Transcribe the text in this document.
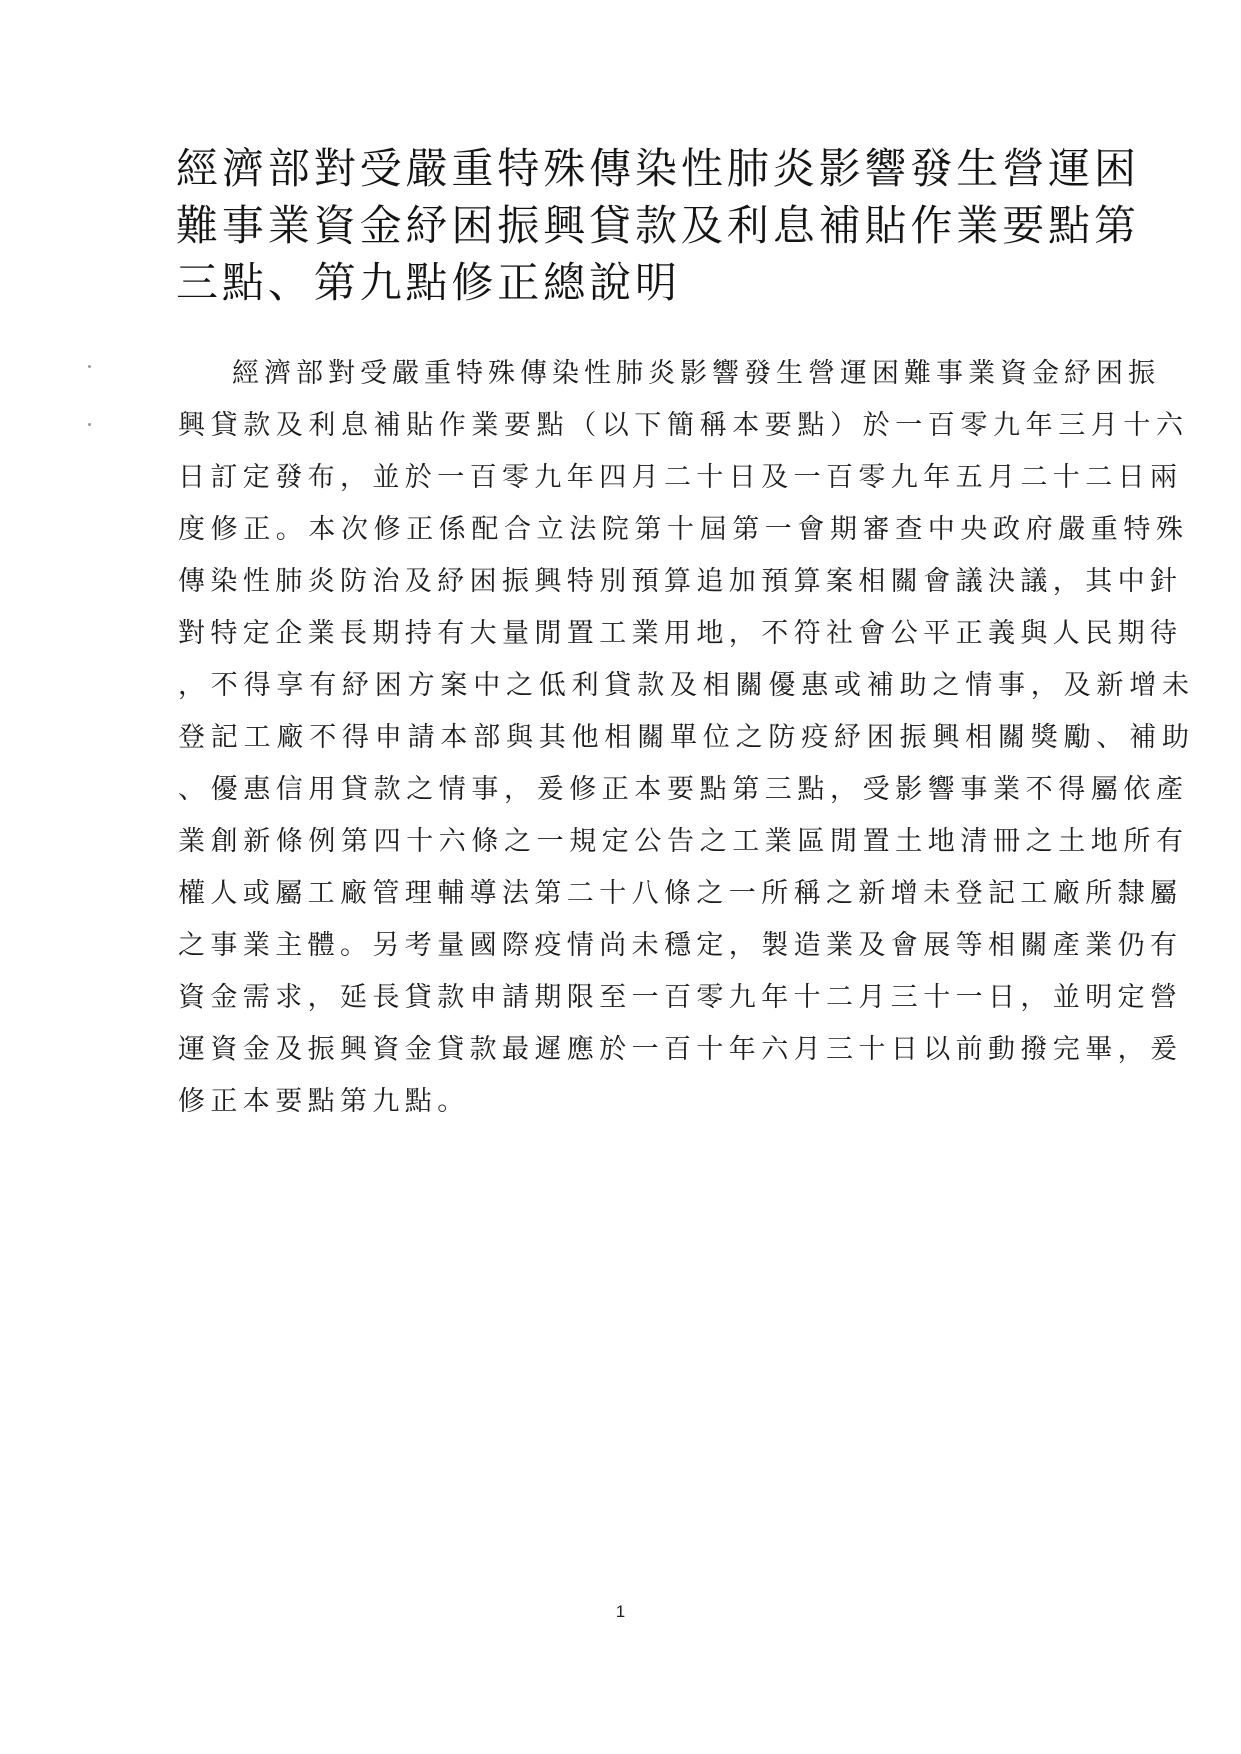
經濟部對受嚴重特殊傳染性肺炎影響發生營運困
難事業資金紓困振興貸款及利息補貼作業要點第
三點、第九點修正總說明
經濟部對受嚴重特殊傳染性肺炎影響發生營運困難事業資金紓困振
興貸款及利息補貼作業要點（以下簡稱本要點）於一百零九年三月十六
日訂定發布，並於一百零九年四月二十日及一百零九年五月二十二日兩
度修正。本次修正係配合立法院第十屆第一會期審查中央政府嚴重特殊
傳染性肺炎防治及紓困振興特別預算追加預算案相關會議決議，其中針
對特定企業長期持有大量閒置工業用地，不符社會公平正義與人民期待
，不得享有紓困方案中之低利貸款及相關優惠或補助之情事，及新增未
登記工廠不得申請本部與其他相關單位之防疫紓困振興相關獎勵、補助
、優惠信用貸款之情事，爰修正本要點第三點，受影響事業不得屬依產
業創新條例第四十六條之一規定公告之工業區閒置土地清冊之土地所有
權人或屬工廠管理輔導法第二十八條之一所稱之新增未登記工廠所隸屬
之事業主體。另考量國際疫情尚未穩定，製造業及會展等相關產業仍有
資金需求，延長貸款申請期限至一百零九年十二月三十一日，並明定營
運資金及振興資金貸款最遲應於一百十年六月三十日以前動撥完畢，爰
修正本要點第九點。
1
